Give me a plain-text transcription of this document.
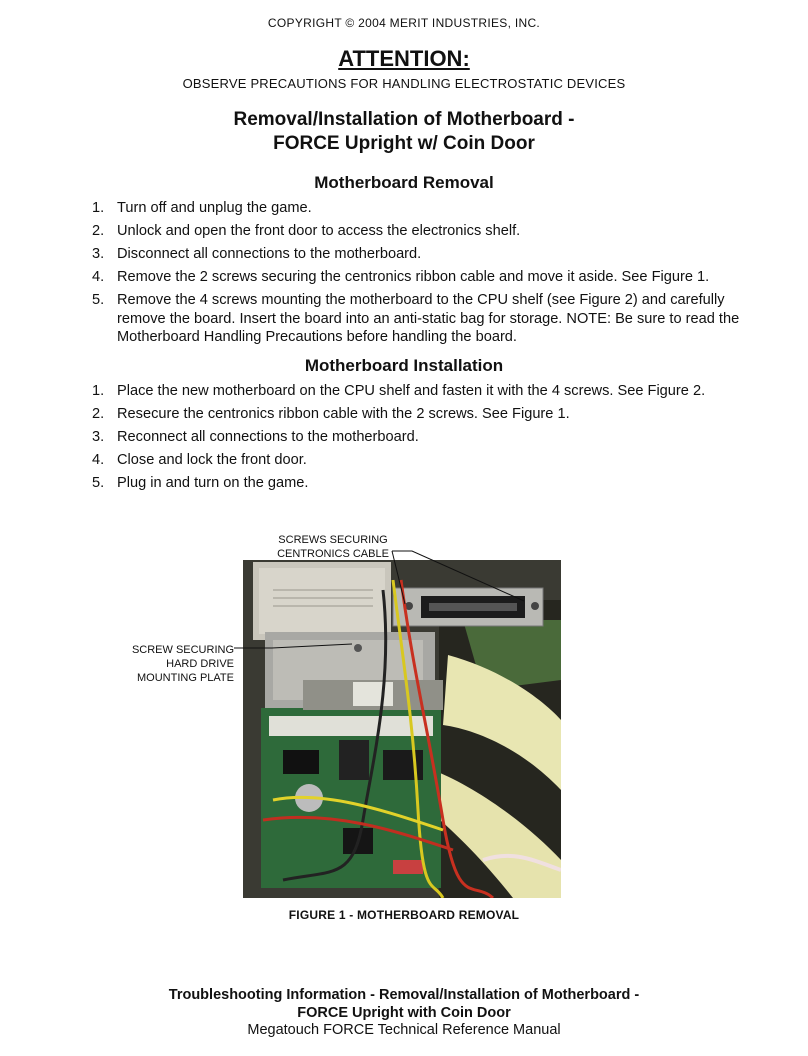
COPYRIGHT © 2004 MERIT INDUSTRIES, INC.
ATTENTION:
OBSERVE PRECAUTIONS FOR HANDLING ELECTROSTATIC DEVICES
Removal/Installation of Motherboard -
FORCE Upright w/ Coin Door
Motherboard Removal
1. Turn off and unplug the game.
2. Unlock and open the front door to access the electronics shelf.
3. Disconnect all connections to the motherboard.
4. Remove the 2 screws securing the centronics ribbon cable and move it aside. See Figure 1.
5. Remove the 4 screws mounting the motherboard to the CPU shelf (see Figure 2) and carefully remove the board. Insert the board into an anti-static bag for storage. NOTE: Be sure to read the Motherboard Handling Precautions before handling the board.
Motherboard Installation
1. Place the new motherboard on the CPU shelf and fasten it with the 4 screws. See Figure 2.
2. Resecure the centronics ribbon cable with the 2 screws. See Figure 1.
3. Reconnect all connections to the motherboard.
4. Close and lock the front door.
5. Plug in and turn on the game.
SCREWS SECURING
CENTRONICS CABLE
SCREW SECURING
HARD DRIVE
MOUNTING PLATE
FIGURE 1 - MOTHERBOARD REMOVAL
Troubleshooting Information - Removal/Installation of Motherboard -
FORCE Upright with Coin Door
Megatouch FORCE Technical Reference Manual
